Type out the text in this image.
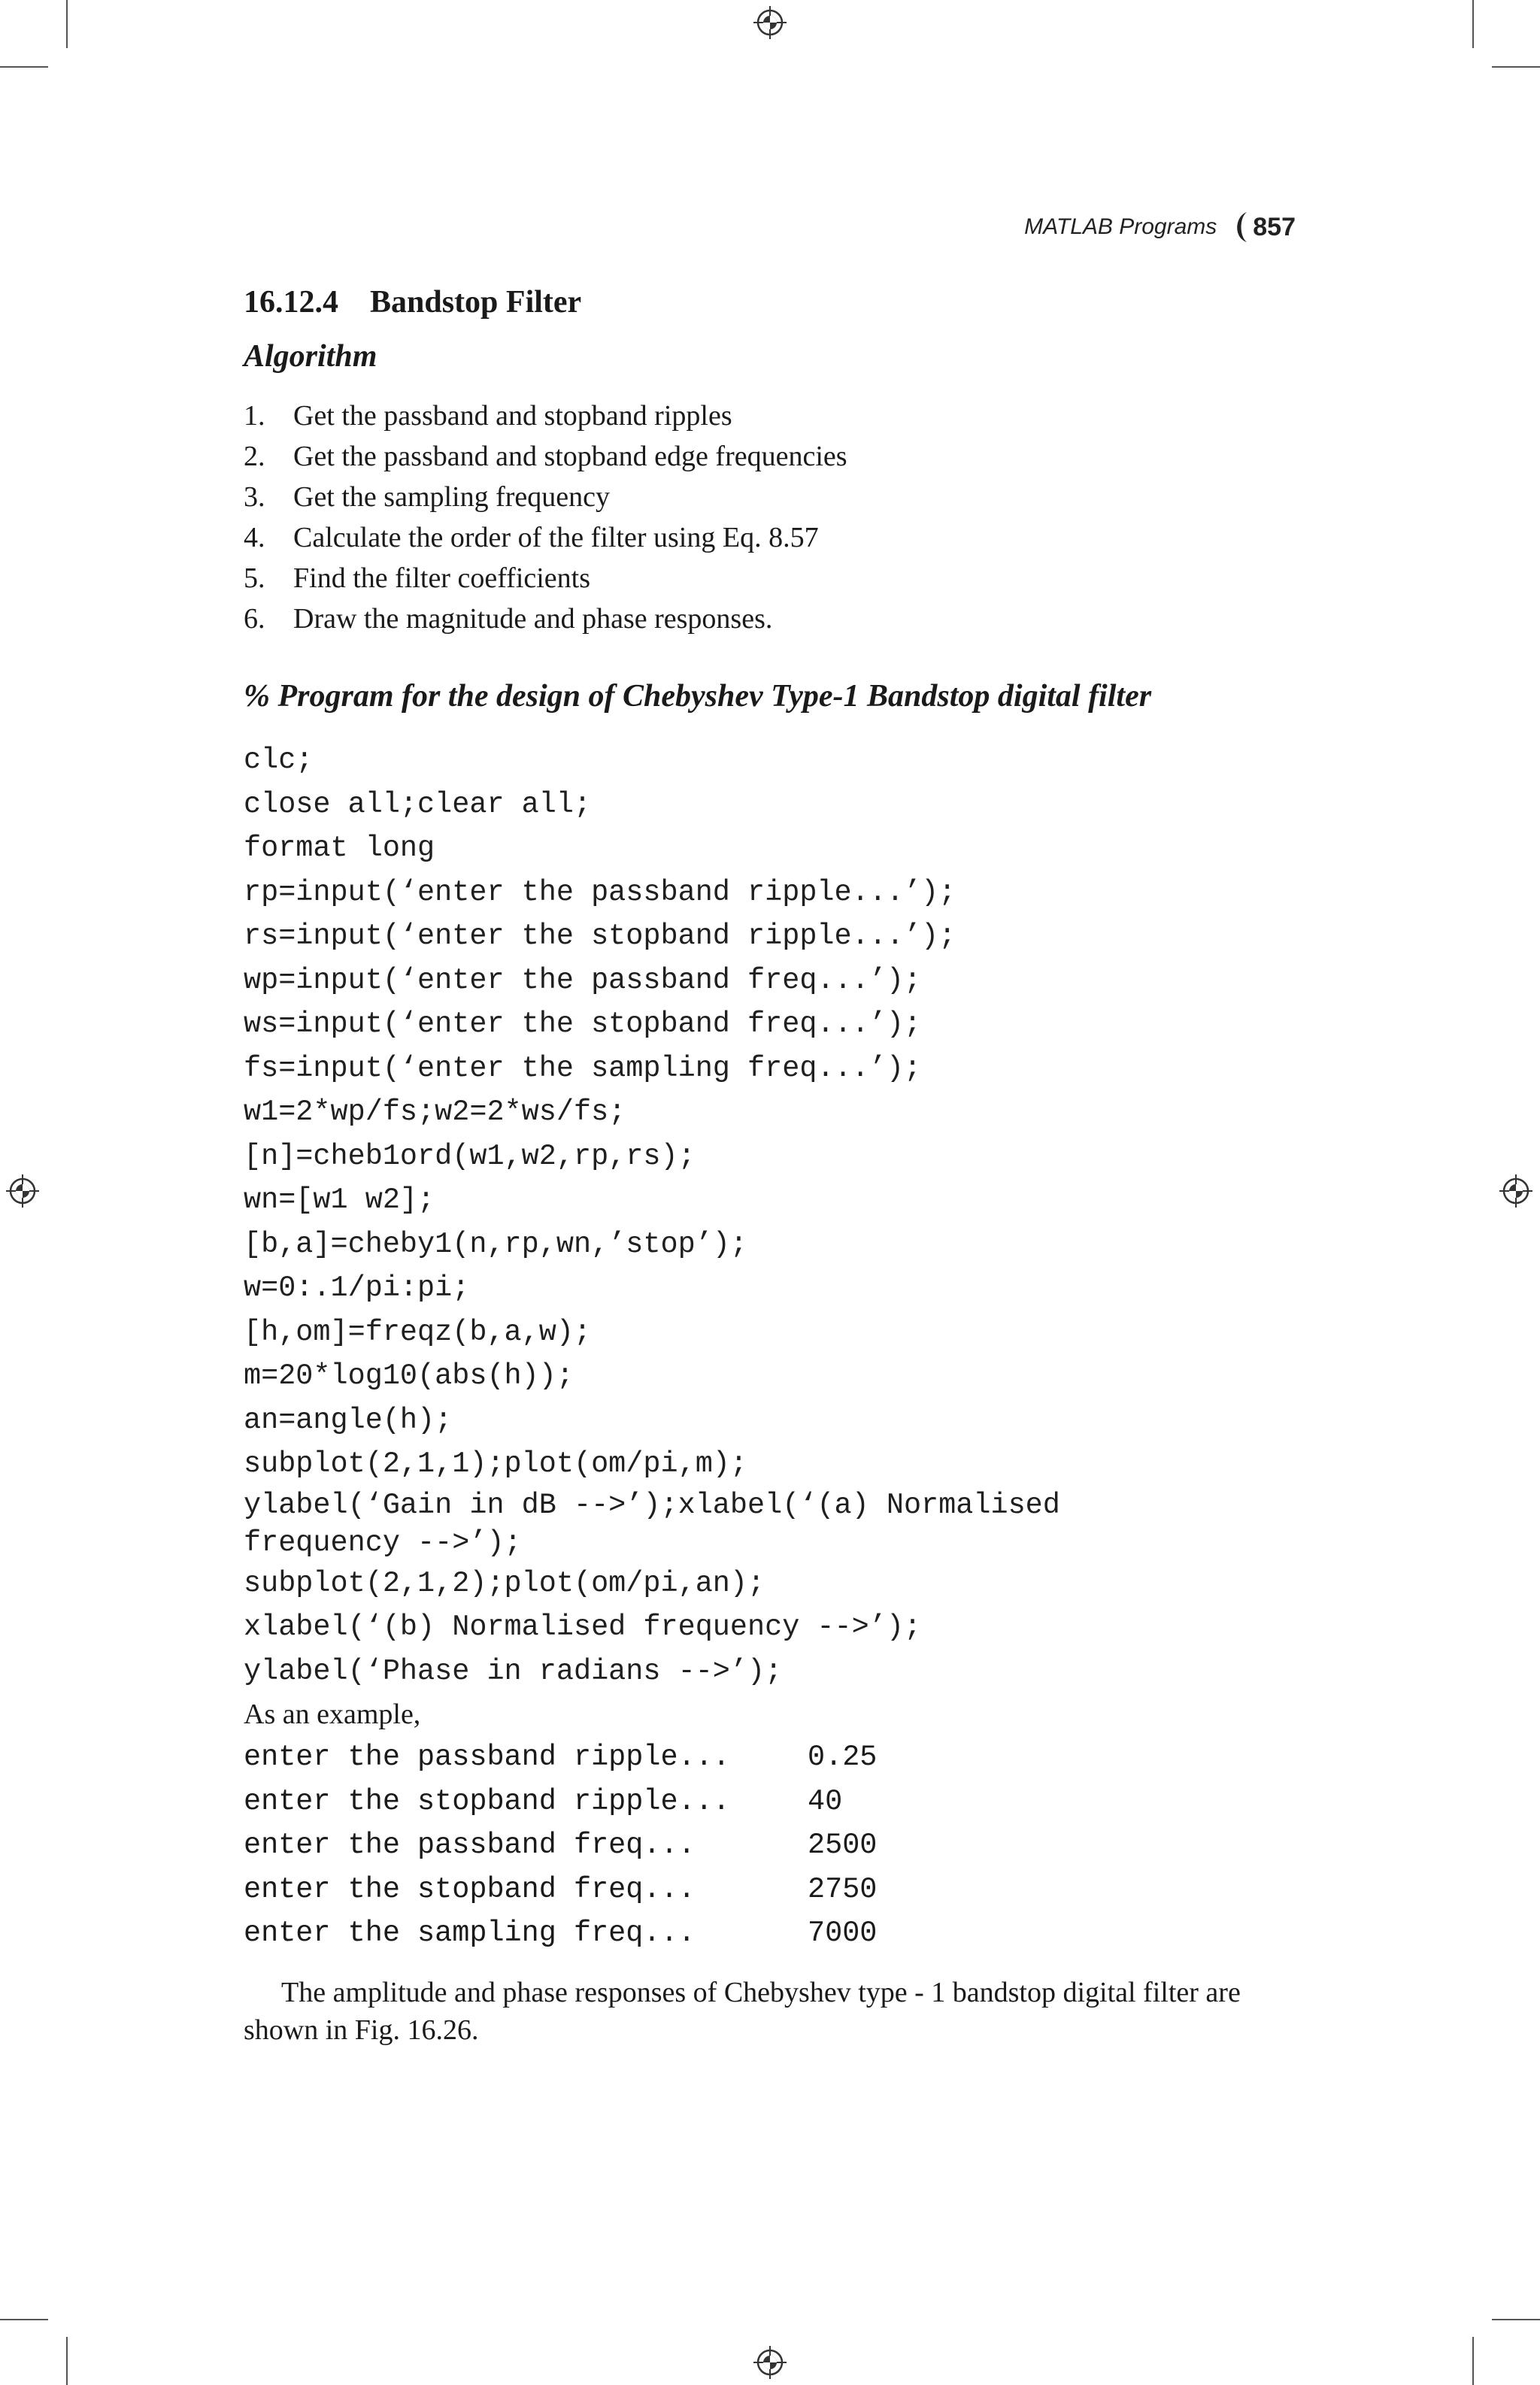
MATLAB Programs 857
16.12.4 Bandstop Filter
Algorithm
1. Get the passband and stopband ripples
2. Get the passband and stopband edge frequencies
3. Get the sampling frequency
4. Calculate the order of the filter using Eq. 8.57
5. Find the filter coefficients
6. Draw the magnitude and phase responses.
% Program for the design of Chebyshev Type-1 Bandstop digital filter
clc;
close all;clear all;
format long
rp=input(‘enter the passband ripple...’);
rs=input(‘enter the stopband ripple...’);
wp=input(‘enter the passband freq...’);
ws=input(‘enter the stopband freq...’);
fs=input(‘enter the sampling freq...’);
w1=2*wp/fs;w2=2*ws/fs;
[n]=cheb1ord(w1,w2,rp,rs);
wn=[w1 w2];
[b,a]=cheby1(n,rp,wn,’stop’);
w=0:.1/pi:pi;
[h,om]=freqz(b,a,w);
m=20*log10(abs(h));
an=angle(h);
subplot(2,1,1);plot(om/pi,m);
ylabel(‘Gain in dB -->’);xlabel(‘(a) Normalised
frequency -->’);
subplot(2,1,2);plot(om/pi,an);
xlabel(‘(b) Normalised frequency -->’);
ylabel(‘Phase in radians -->’);

As an example,

enter the passband ripple...	0.25
enter the stopband ripple...	40
enter the passband freq...	2500
enter the stopband freq...	2750
enter the sampling freq...	7000

The amplitude and phase responses of Chebyshev type - 1 bandstop digital filter are shown in Fig. 16.26.
